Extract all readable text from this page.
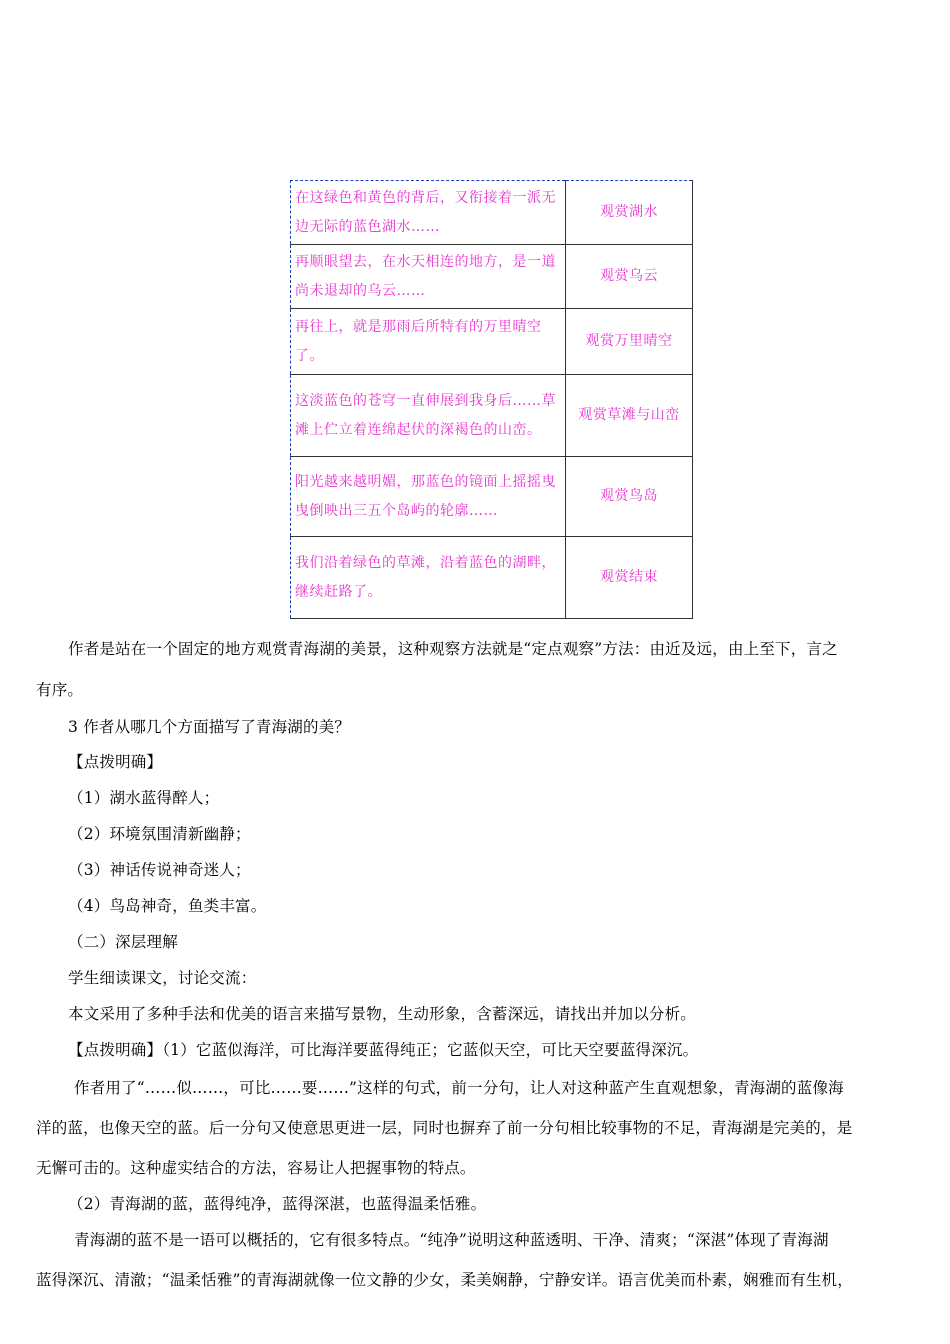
在这绿色和黄色的背后，又衔接着一派无边无际的蓝色湖水……	观赏湖水
再顺眼望去，在水天相连的地方，是一道尚未退却的乌云……	观赏乌云
再往上，就是那雨后所特有的万里晴空了。	观赏万里晴空
这淡蓝色的苍穹一直伸展到我身后……草滩上伫立着连绵起伏的深褐色的山峦。	观赏草滩与山峦
阳光越来越明媚，那蓝色的镜面上摇摇曳曳倒映出三五个岛屿的轮廓……	观赏鸟岛
我们沿着绿色的草滩，沿着蓝色的湖畔，继续赶路了。	观赏结束
作者是站在一个固定的地方观赏青海湖的美景，这种观察方法就是“定点观察”方法：由近及远，由上至下，言之
有序。
3 作者从哪几个方面描写了青海湖的美？
【点拨明确】
（1）湖水蓝得醉人；
（2）环境氛围清新幽静；
（3）神话传说神奇迷人；
（4）鸟岛神奇，鱼类丰富。
（二）深层理解
学生细读课文，讨论交流：
本文采用了多种手法和优美的语言来描写景物，生动形象，含蓄深远，请找出并加以分析。
【点拨明确】（1）它蓝似海洋，可比海洋要蓝得纯正；它蓝似天空，可比天空要蓝得深沉。
作者用了“……似……，可比……要……”这样的句式，前一分句，让人对这种蓝产生直观想象，青海湖的蓝像海
洋的蓝，也像天空的蓝。后一分句又使意思更进一层，同时也摒弃了前一分句相比较事物的不足，青海湖是完美的，是
无懈可击的。这种虚实结合的方法，容易让人把握事物的特点。
（2）青海湖的蓝，蓝得纯净，蓝得深湛，也蓝得温柔恬雅。
青海湖的蓝不是一语可以概括的，它有很多特点。“纯净”说明这种蓝透明、干净、清爽；“深湛”体现了青海湖
蓝得深沉、清澈；“温柔恬雅”的青海湖就像一位文静的少女，柔美娴静，宁静安详。语言优美而朴素，娴雅而有生机，
